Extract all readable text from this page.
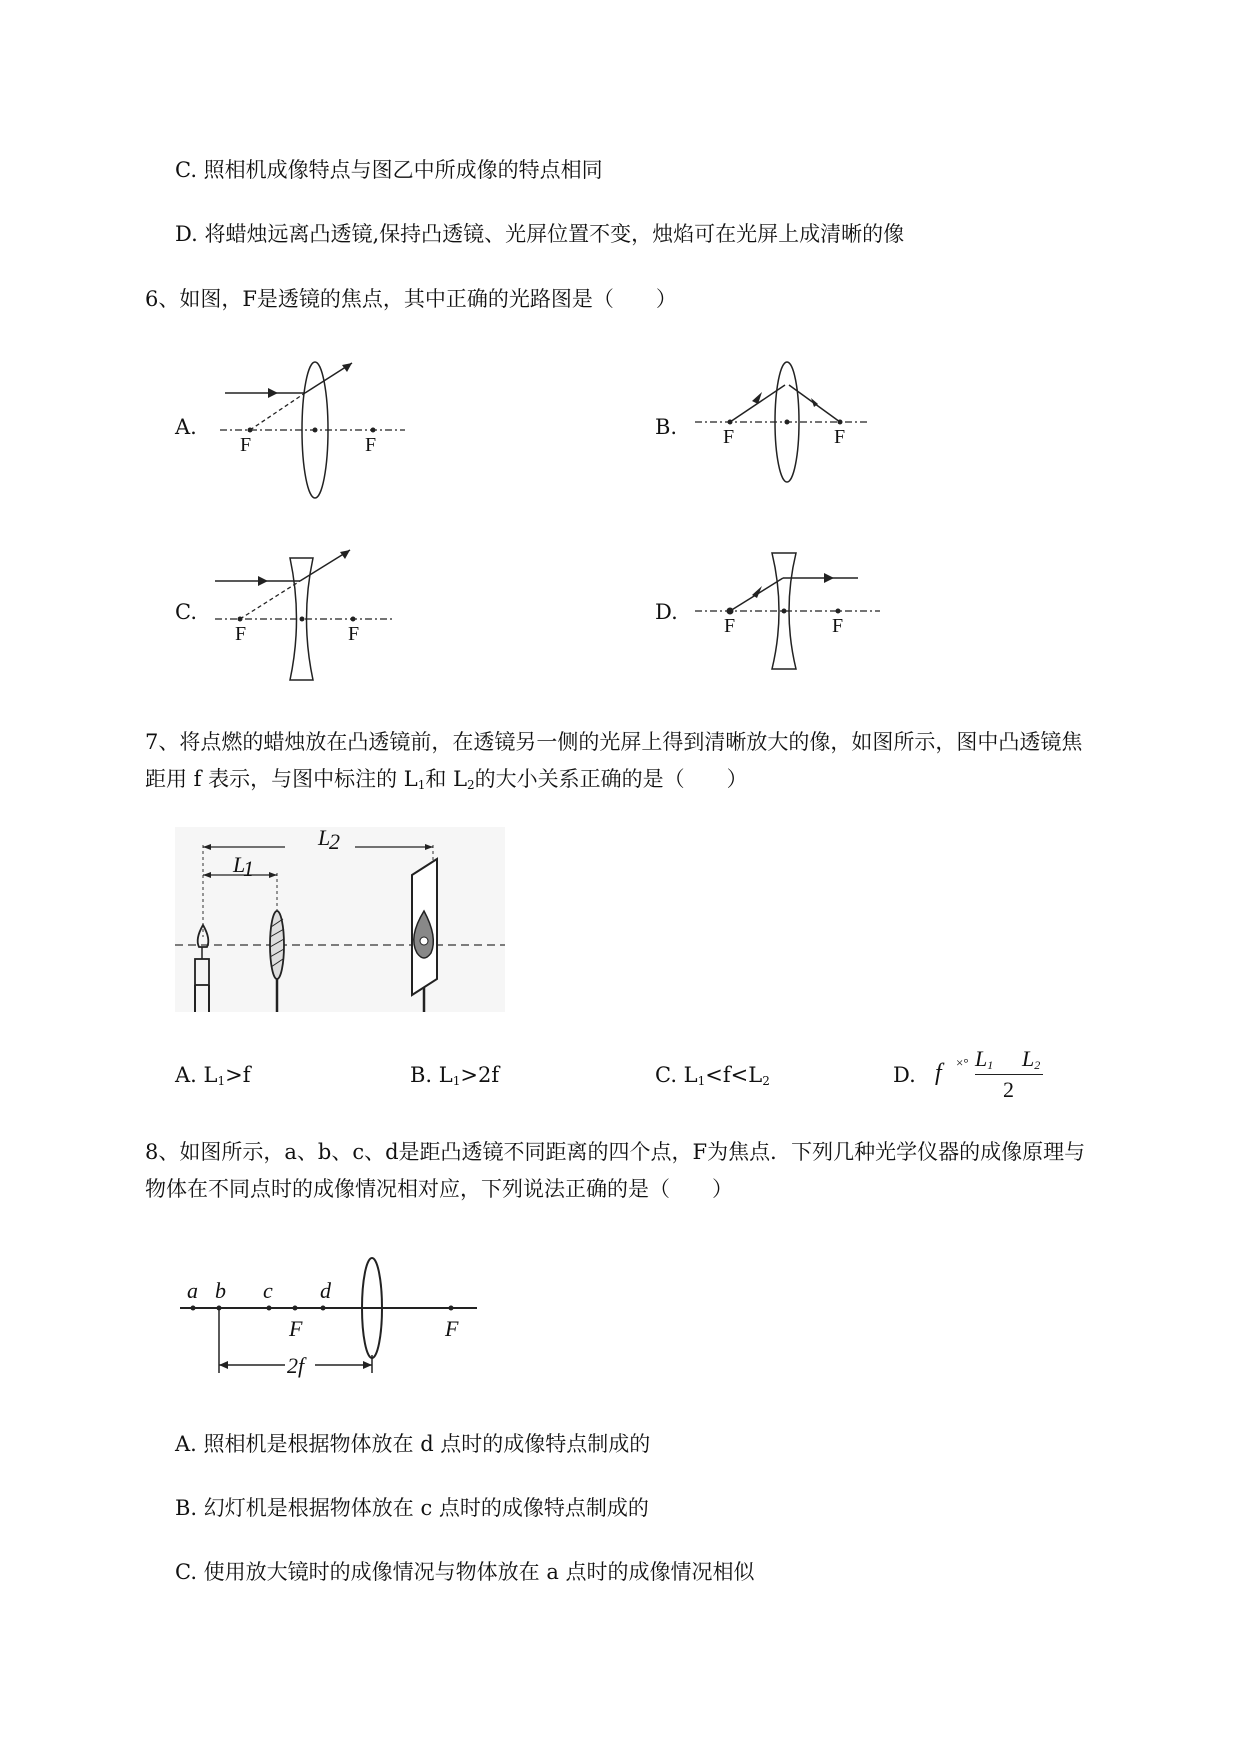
C. 照相机成像特点与图乙中所成像的特点相同
D. 将蜡烛远离凸透镜,保持凸透镜、光屏位置不变，烛焰可在光屏上成清晰的像
6、如图，F是透镜的焦点，其中正确的光路图是（　　）
A.
F	F
B. F	F
C.
F	F
D.
F	F
7、将点燃的蜡烛放在凸透镜前，在透镜另一侧的光屏上得到清晰放大的像，如图所示，图中凸透镜焦
距用 f 表示，与图中标注的 $L_1$和 $L_2$的大小关系正确的是（　　）
L
2
L
1
A. $L_1>f$	B. $L_1>2f$	C. $L_1<f<L_2$	D. f ×° $L_1$ $L_2$
2
8、如图所示，a、b、c、d是距凸透镜不同距离的四个点，F为焦点．下列几种光学仪器的成像原理与
物体在不同点时的成像情况相对应，下列说法正确的是（　　）
a b c d
F	F
2f
A. 照相机是根据物体放在 d 点时的成像特点制成的
B. 幻灯机是根据物体放在 c 点时的成像特点制成的
C. 使用放大镜时的成像情况与物体放在 a 点时的成像情况相似
